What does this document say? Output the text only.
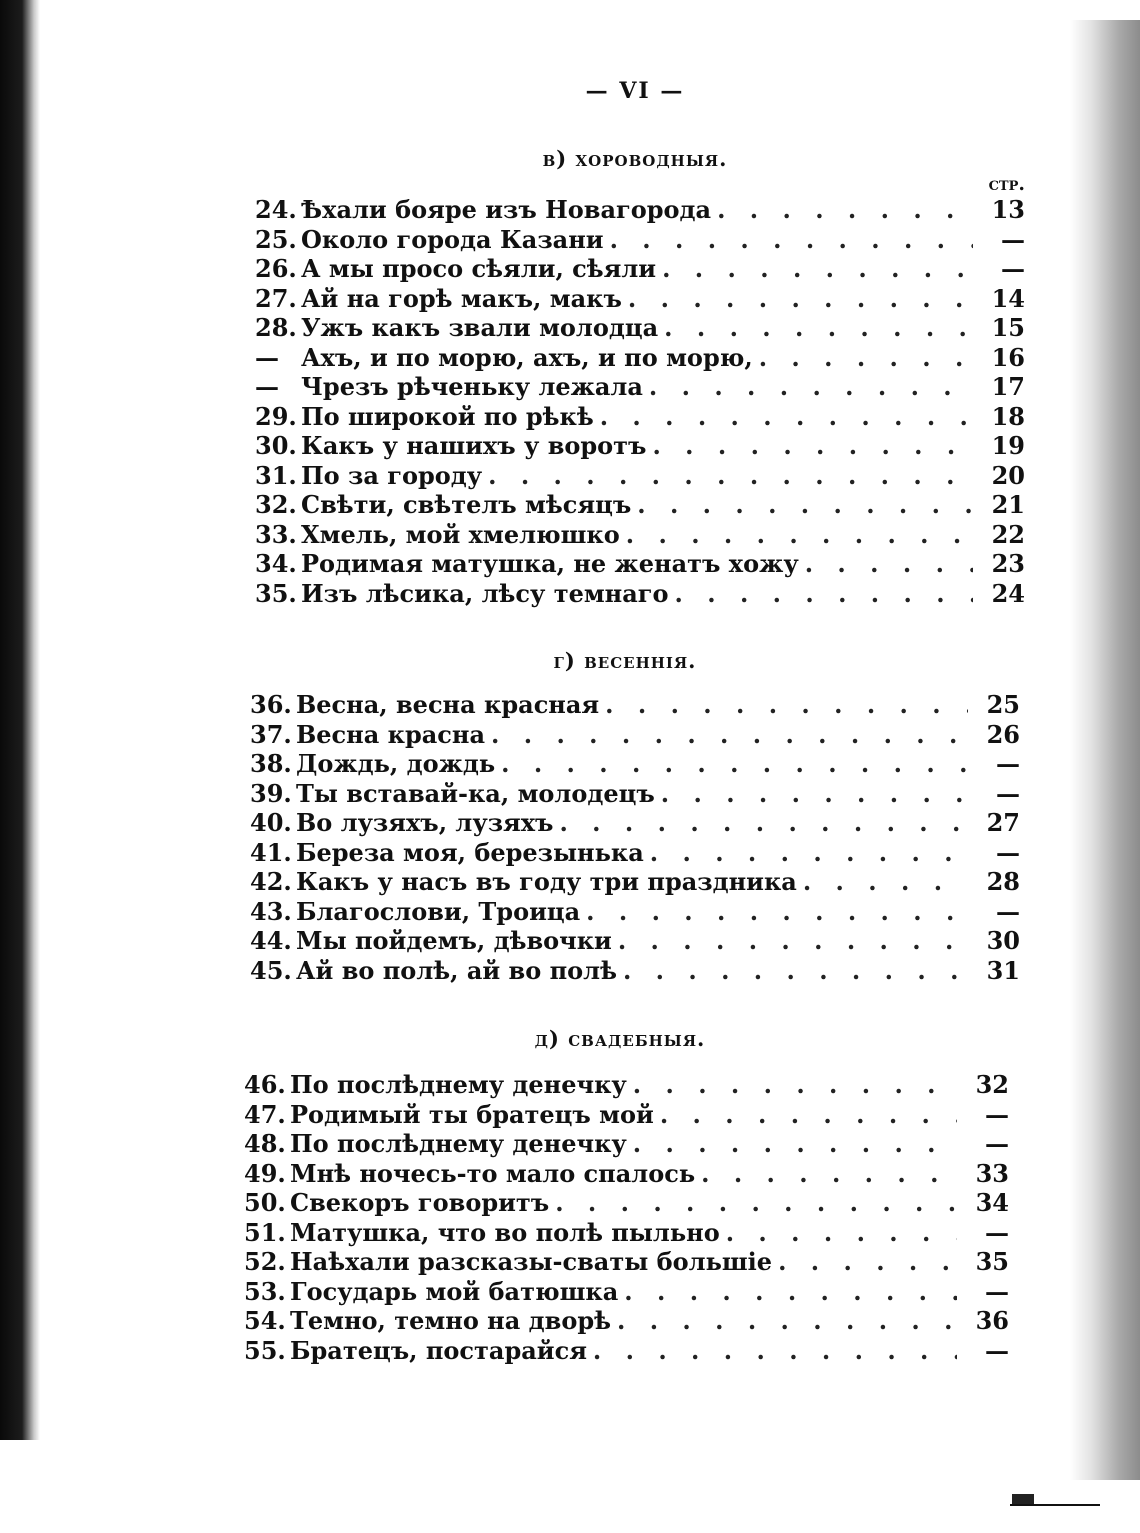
— VI —
в) хороводныя.
стр.
24. Ѣхали бояре изъ Новагорода . . .	13
25. Около города Казани . . .	—
26. А мы просо сѣяли, сѣяли . . .	—
27. Ай на горѣ макъ, макъ . . .	14
28. Ужъ какъ звали молодца . . .	15
— Ахъ, и по морю, ахъ, и по морю, . . .	16
— Чрезъ рѣченьку лежала . . .	17
29. По широкой по рѣкѣ . . .	18
30. Какъ у нашихъ у воротъ . . .	19
31. По за городу . . .	20
32. Свѣти, свѣтелъ мѣсяцъ . . .	21
33. Хмель, мой хмелюшко . . .	22
34. Родимая матушка, не женатъ хожу . . .	23
35. Изъ лѣсика, лѣсу темнаго . . .	24
г) весеннія.
36. Весна, весна красная . . .	25
37. Весна красна . . .	26
38. Дождь, дождь . . .	—
39. Ты вставай-ка, молодецъ . . .	—
40. Во лузяхъ, лузяхъ . . .	27
41. Береза моя, березынька . . .	—
42. Какъ у насъ въ году три праздника . . .	28
43. Благослови, Троица . . .	—
44. Мы пойдемъ, дѣвочки . . .	30
45. Ай во полѣ, ай во полѣ . . .	31
д) свадебныя.
46. По послѣднему денечку . . .	32
47. Родимый ты братецъ мой . . .	—
48. По послѣднему денечку . . .	—
49. Мнѣ ночесь-то мало спалось . . .	33
50. Свекоръ говоритъ . . .	34
51. Матушка, что во полѣ пыльно . . .	—
52. Наѣхали разсказы-сваты большіе . . .	35
53. Государь мой батюшка . . .	—
54. Темно, темно на дворѣ . . .	36
55. Братецъ, постарайся . . .	—
